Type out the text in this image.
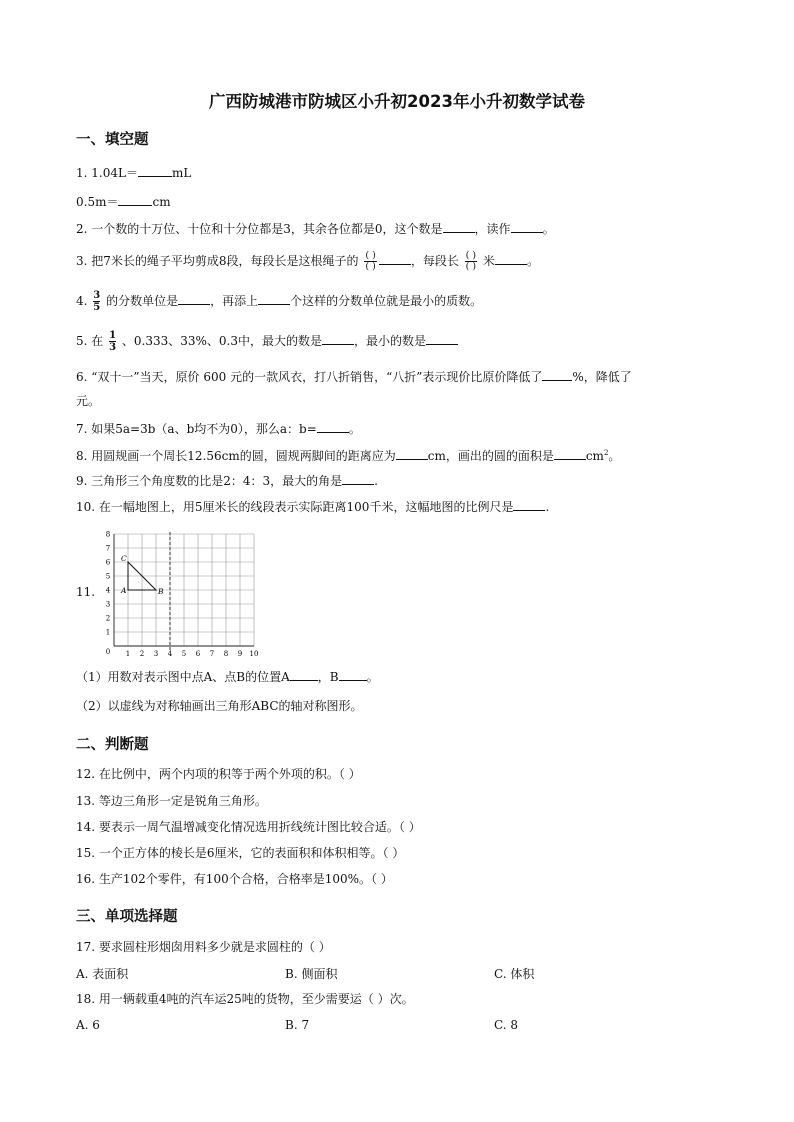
广西防城港市防城区小升初2023年小升初数学试卷
一、填空题
1. 1.04L＝	mL
0.5m＝	cm
2. 一个数的十万位、十位和十分位都是3，其余各位都是0，这个数是	，读作	。
3. 把7米长的绳子平均剪成8段，每段长是这根绳子的 $\frac{( )}{( )}$	，每段长 $\frac{( )}{( )}$ 米	。
4. $\frac{3}{5}$ 的分数单位是	，再添上	个这样的分数单位就是最小的质数。
5. 在 $\frac{1}{3}$ 、0.333、33%、0.3中，最大的数是	，最小的数是
6. “双十一”当天，原价 600 元的一款风衣，打八折销售，“八折”表示现价比原价降低了	%，降低了
元。
7. 如果5a=3b（a、b均不为0），那么a：b=	。
8. 用圆规画一个周长12.56cm的圆，圆规两脚间的距离应为	cm，画出的圆的面积是	$cm^2$。
9. 三角形三个角度数的比是2：4：3，最大的角是	.
10. 在一幅地图上，用5厘米长的线段表示实际距离100千米，这幅地图的比例尺是	.
11.
1 2 3 4 5 6 7 8 9 10
1
2
3
4
5
6
7
8
0
A	B
C
（1）用数对表示图中点A、点B的位置A ，B 。
（2）以虚线为对称轴画出三角形ABC的轴对称图形。
二、判断题
12. 在比例中，两个内项的积等于两个外项的积。（ ）
13. 等边三角形一定是锐角三角形。
14. 要表示一周气温增减变化情况选用折线统计图比较合适。（ ）
15. 一个正方体的棱长是6厘米，它的表面积和体积相等。（ ）
16. 生产102个零件，有100个合格，合格率是100%。（ ）
三、单项选择题
17. 要求圆柱形烟囱用料多少就是求圆柱的（ ）
A. 表面积	B. 侧面积	C. 体积
18. 用一辆载重4吨的汽车运25吨的货物，至少需要运（ ）次。
A. 6	B. 7	C. 8
